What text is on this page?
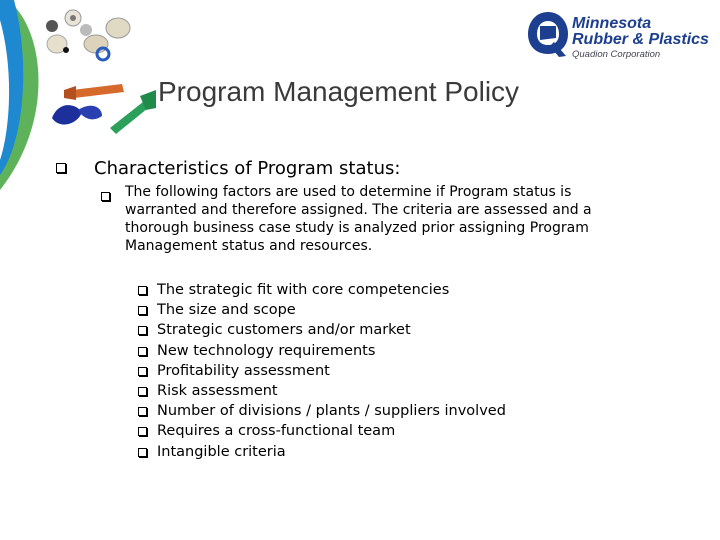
Minnesota
Rubber & Plastics
Quadion Corporation
Program Management Policy
Characteristics of Program status:

The following factors are used to determine if Program status is warranted and therefore assigned. The criteria are assessed and a thorough business case study is analyzed prior assigning Program Management status and resources.

The strategic fit with core competencies
The size and scope
Strategic customers and/or market
New technology requirements
Profitability assessment
Risk assessment
Number of divisions / plants / suppliers involved
Requires a cross-functional team
Intangible criteria
